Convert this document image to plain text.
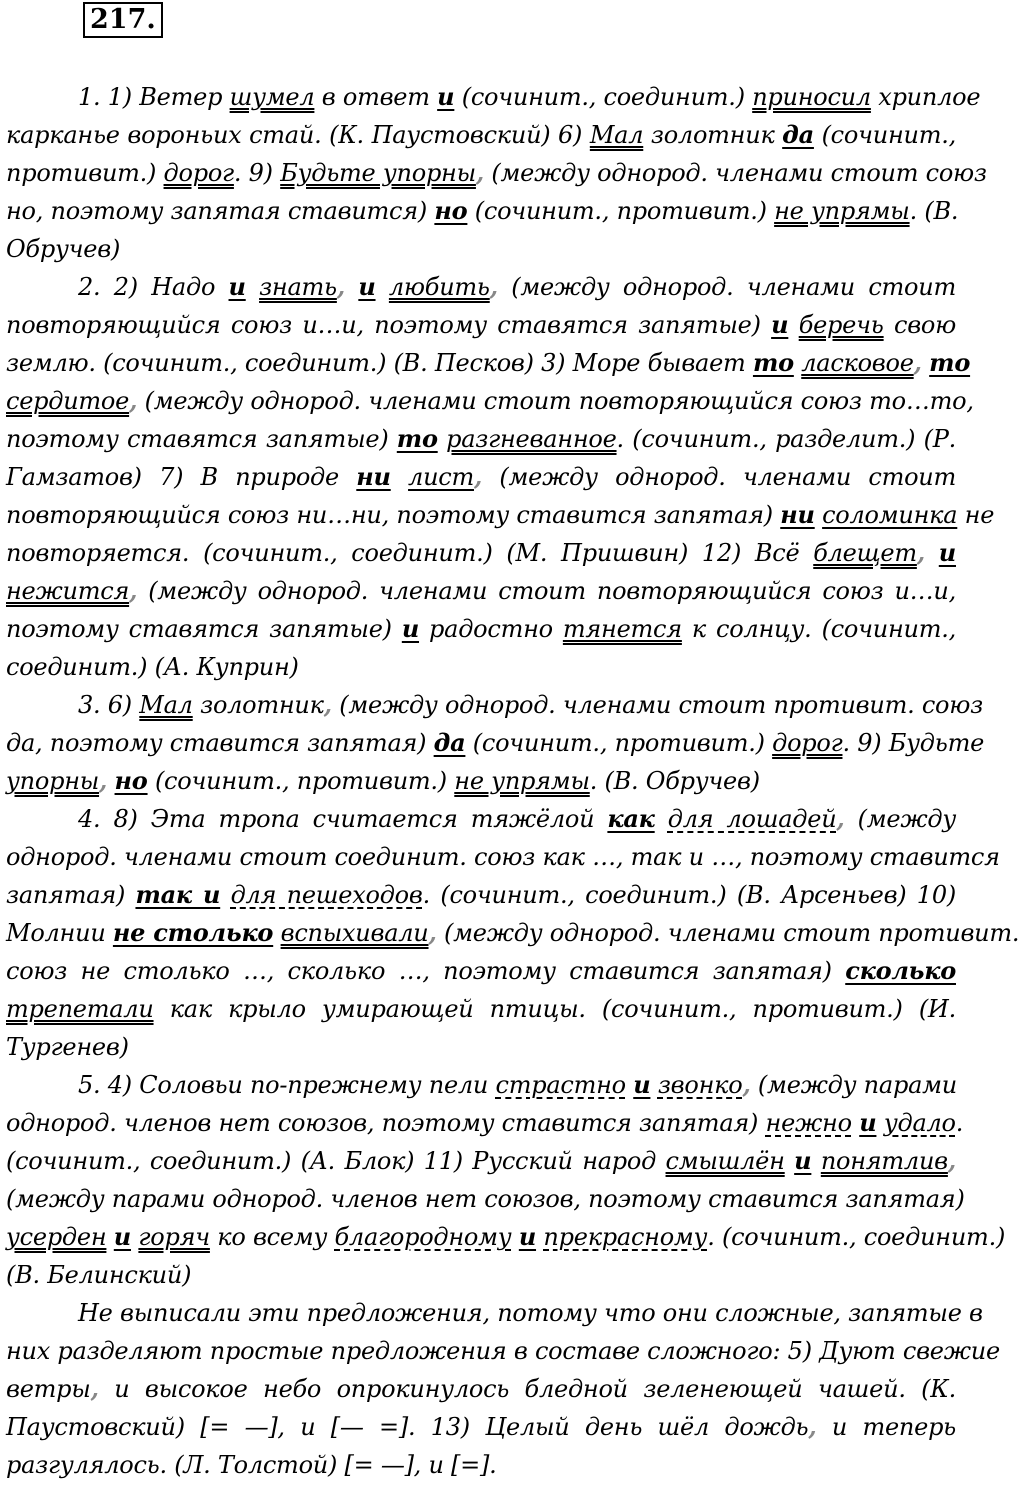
217.
1. 1) Ветер шумел в ответ и (сочинит., соединит.) приносил хриплое
карканье вороньих стай. (К. Паустовский) 6) Мал золотник да (сочинит.,
противит.) дорог. 9) Будьте упорны, (между однород. членами стоит союз
но, поэтому запятая ставится) но (сочинит., противит.) не упрямы. (В.
Обручев)
2. 2) Надо и знать, и любить, (между однород. членами стоит
повторяющийся союз и…и, поэтому ставятся запятые) и беречь свою
землю. (сочинит., соединит.) (В. Песков) 3) Море бывает то ласковое, то
сердитое, (между однород. членами стоит повторяющийся союз то…то,
поэтому ставятся запятые) то разгневанное. (сочинит., разделит.) (Р.
Гамзатов) 7) В природе ни лист, (между однород. членами стоит
повторяющийся союз ни…ни, поэтому ставится запятая) ни соломинка не
повторяется. (сочинит., соединит.) (М. Пришвин) 12) Всё блещет, и
нежится, (между однород. членами стоит повторяющийся союз и…и,
поэтому ставятся запятые) и радостно тянется к солнцу. (сочинит.,
соединит.) (А. Куприн)
3. 6) Мал золотник, (между однород. членами стоит противит. союз
да, поэтому ставится запятая) да (сочинит., противит.) дорог. 9) Будьте
упорны, но (сочинит., противит.) не упрямы. (В. Обручев)
4. 8) Эта тропа считается тяжёлой как для лошадей, (между
однород. членами стоит соединит. союз как …, так и …, поэтому ставится
запятая) так и для пешеходов. (сочинит., соединит.) (В. Арсеньев) 10)
Молнии не столько вспыхивали, (между однород. членами стоит противит.
союз не столько …, сколько …, поэтому ставится запятая) сколько
трепетали как крыло умирающей птицы. (сочинит., противит.) (И.
Тургенев)
5. 4) Соловьи по-прежнему пели страстно и звонко, (между парами
однород. членов нет союзов, поэтому ставится запятая) нежно и удало.
(сочинит., соединит.) (А. Блок) 11) Русский народ смышлён и понятлив,
(между парами однород. членов нет союзов, поэтому ставится запятая)
усерден и горяч ко всему благородному и прекрасному. (сочинит., соединит.)
(В. Белинский)
Не выписали эти предложения, потому что они сложные, запятые в
них разделяют простые предложения в составе сложного: 5) Дуют свежие
ветры, и высокое небо опрокинулось бледной зеленеющей чашей. (К.
Паустовский) [= —], и [— =]. 13) Целый день шёл дождь, и теперь
разгулялось. (Л. Толстой) [= —], и [=].
